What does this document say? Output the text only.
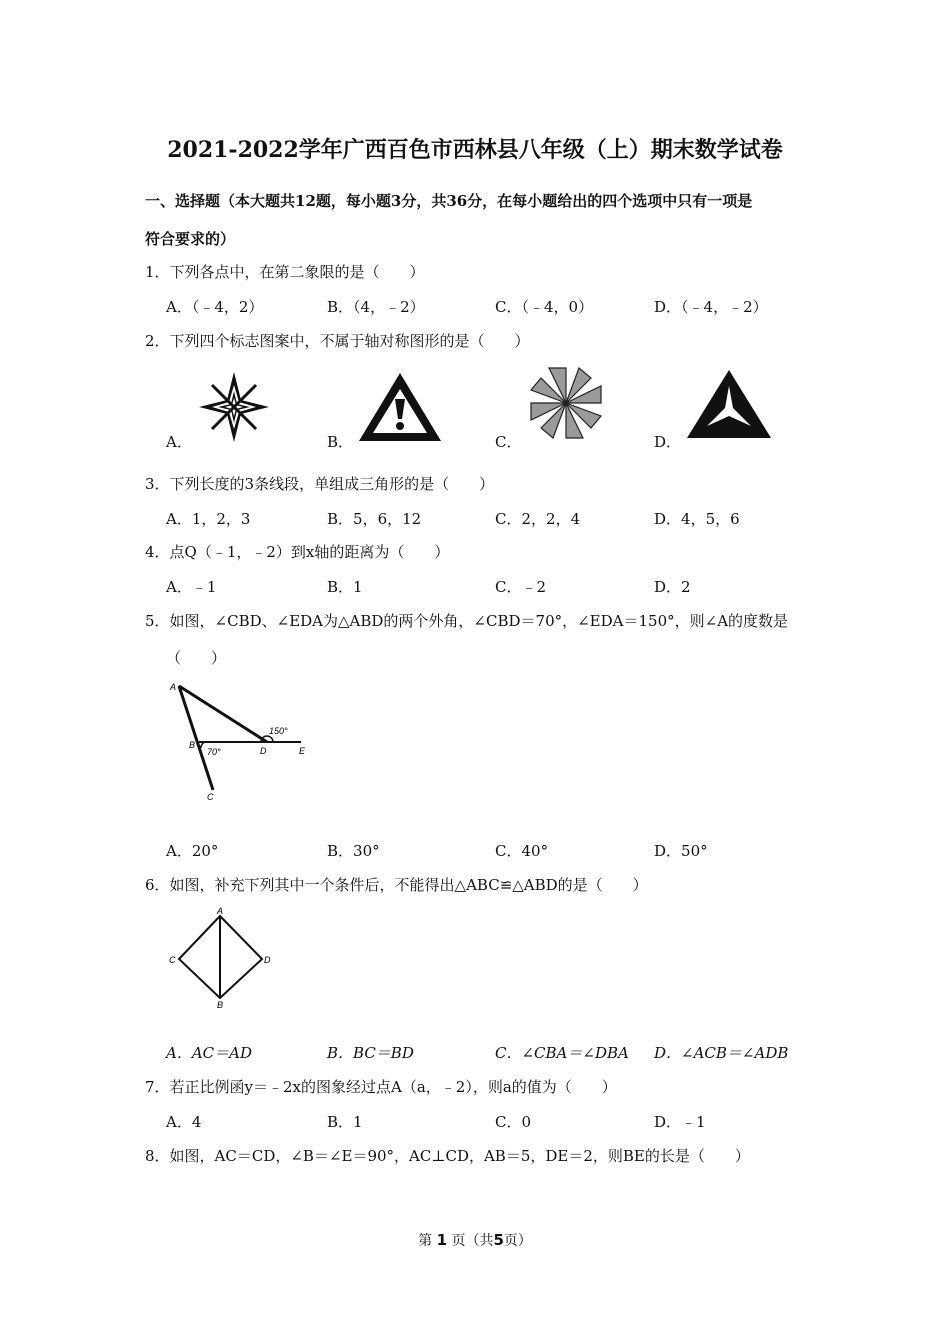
2021-2022学年广西百色市西林县八年级（上）期末数学试卷
一、选择题（本大题共12题，每小题3分，共36分，在每小题给出的四个选项中只有一项是
符合要求的）
1．下列各点中，在第二象限的是（　　）
A．（﹣4，2）	B．（4，﹣2）	C．（﹣4，0）	D．（﹣4，﹣2）
2．下列四个标志图案中，不属于轴对称图形的是（　　）
A．	B．	C．	D．
3．下列长度的3条线段，单组成三角形的是（　　）
A．1，2，3	B．5，6，12	C．2，2，4	D．4，5，6
4．点Q（﹣1，﹣2）到x轴的距离为（　　）
A．﹣1	B．1	C．﹣2	D．2
5．如图，∠CBD、∠EDA为△ABD的两个外角，∠CBD＝70°，∠EDA＝150°，则∠A的度数是
（　　）
A
B
D	E
C
150°
70°
A．20°	B．30°	C．40°	D．50°
6．如图，补充下列其中一个条件后，不能得出△ABC≌△ABD的是（　　）
A
C	D
B
A．AC＝AD	B．BC＝BD	C．∠CBA＝∠DBA D．∠ACB＝∠ADB
7．若正比例函y＝﹣2x的图象经过点A（a，﹣2），则a的值为（　　）
A．4	B．1	C．0	D．﹣1
8．如图，AC＝CD，∠B＝∠E＝90°，AC⊥CD，AB＝5，DE＝2，则BE的长是（　　）
第 1 页（共5页）
